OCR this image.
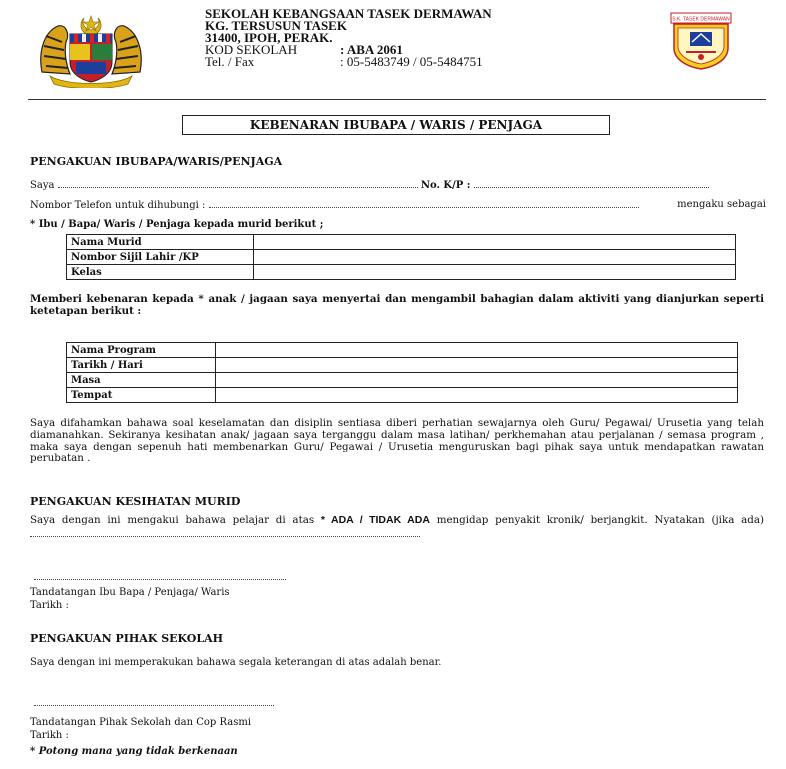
SEKOLAH KEBANGSAAN TASEK DERMAWAN
KG. TERSUSUN TASEK
31400, IPOH, PERAK.
KOD SEKOLAH	: ABA 2061
Tel. / Fax	: 05-5483749 / 05-5484751
S.K. TASEK DERMAWAN
KEBENARAN IBUBAPA / WARIS / PENJAGA
PENGAKUAN IBUBAPA/WARIS/PENJAGA
Saya	No. K/P :
Nombor Telefon untuk dihubungi :	mengaku sebagai
* Ibu / Bapa/ Waris / Penjaga kepada murid berikut ;
Nama Murid	
Nombor Sijil Lahir /KP	
Kelas	
Memberi kebenaran kepada * anak / jagaan saya menyertai dan mengambil bahagian dalam aktiviti yang dianjurkan seperti ketetapan berikut :
Nama Program	
Tarikh / Hari	
Masa	
Tempat	
Saya difahamkan bahawa soal keselamatan dan disiplin sentiasa diberi perhatian sewajarnya oleh Guru/ Pegawai/ Urusetia yang telah diamanahkan. Sekiranya kesihatan anak/ jagaan saya terganggu dalam masa latihan/ perkhemahan atau perjalanan / semasa program , maka saya dengan sepenuh hati membenarkan Guru/ Pegawai / Urusetia menguruskan bagi pihak saya untuk mendapatkan rawatan perubatan .
PENGAKUAN KESIHATAN MURID
Saya dengan ini mengakui bahawa pelajar di atas * ADA / TIDAK ADA mengidap penyakit kronik/ berjangkit. Nyatakan (jika ada)
Tandatangan Ibu Bapa / Penjaga/ Waris
Tarikh :
PENGAKUAN PIHAK SEKOLAH
Saya dengan ini memperakukan bahawa segala keterangan di atas adalah benar.
Tandatangan Pihak Sekolah dan Cop Rasmi
Tarikh :
* Potong mana yang tidak berkenaan
